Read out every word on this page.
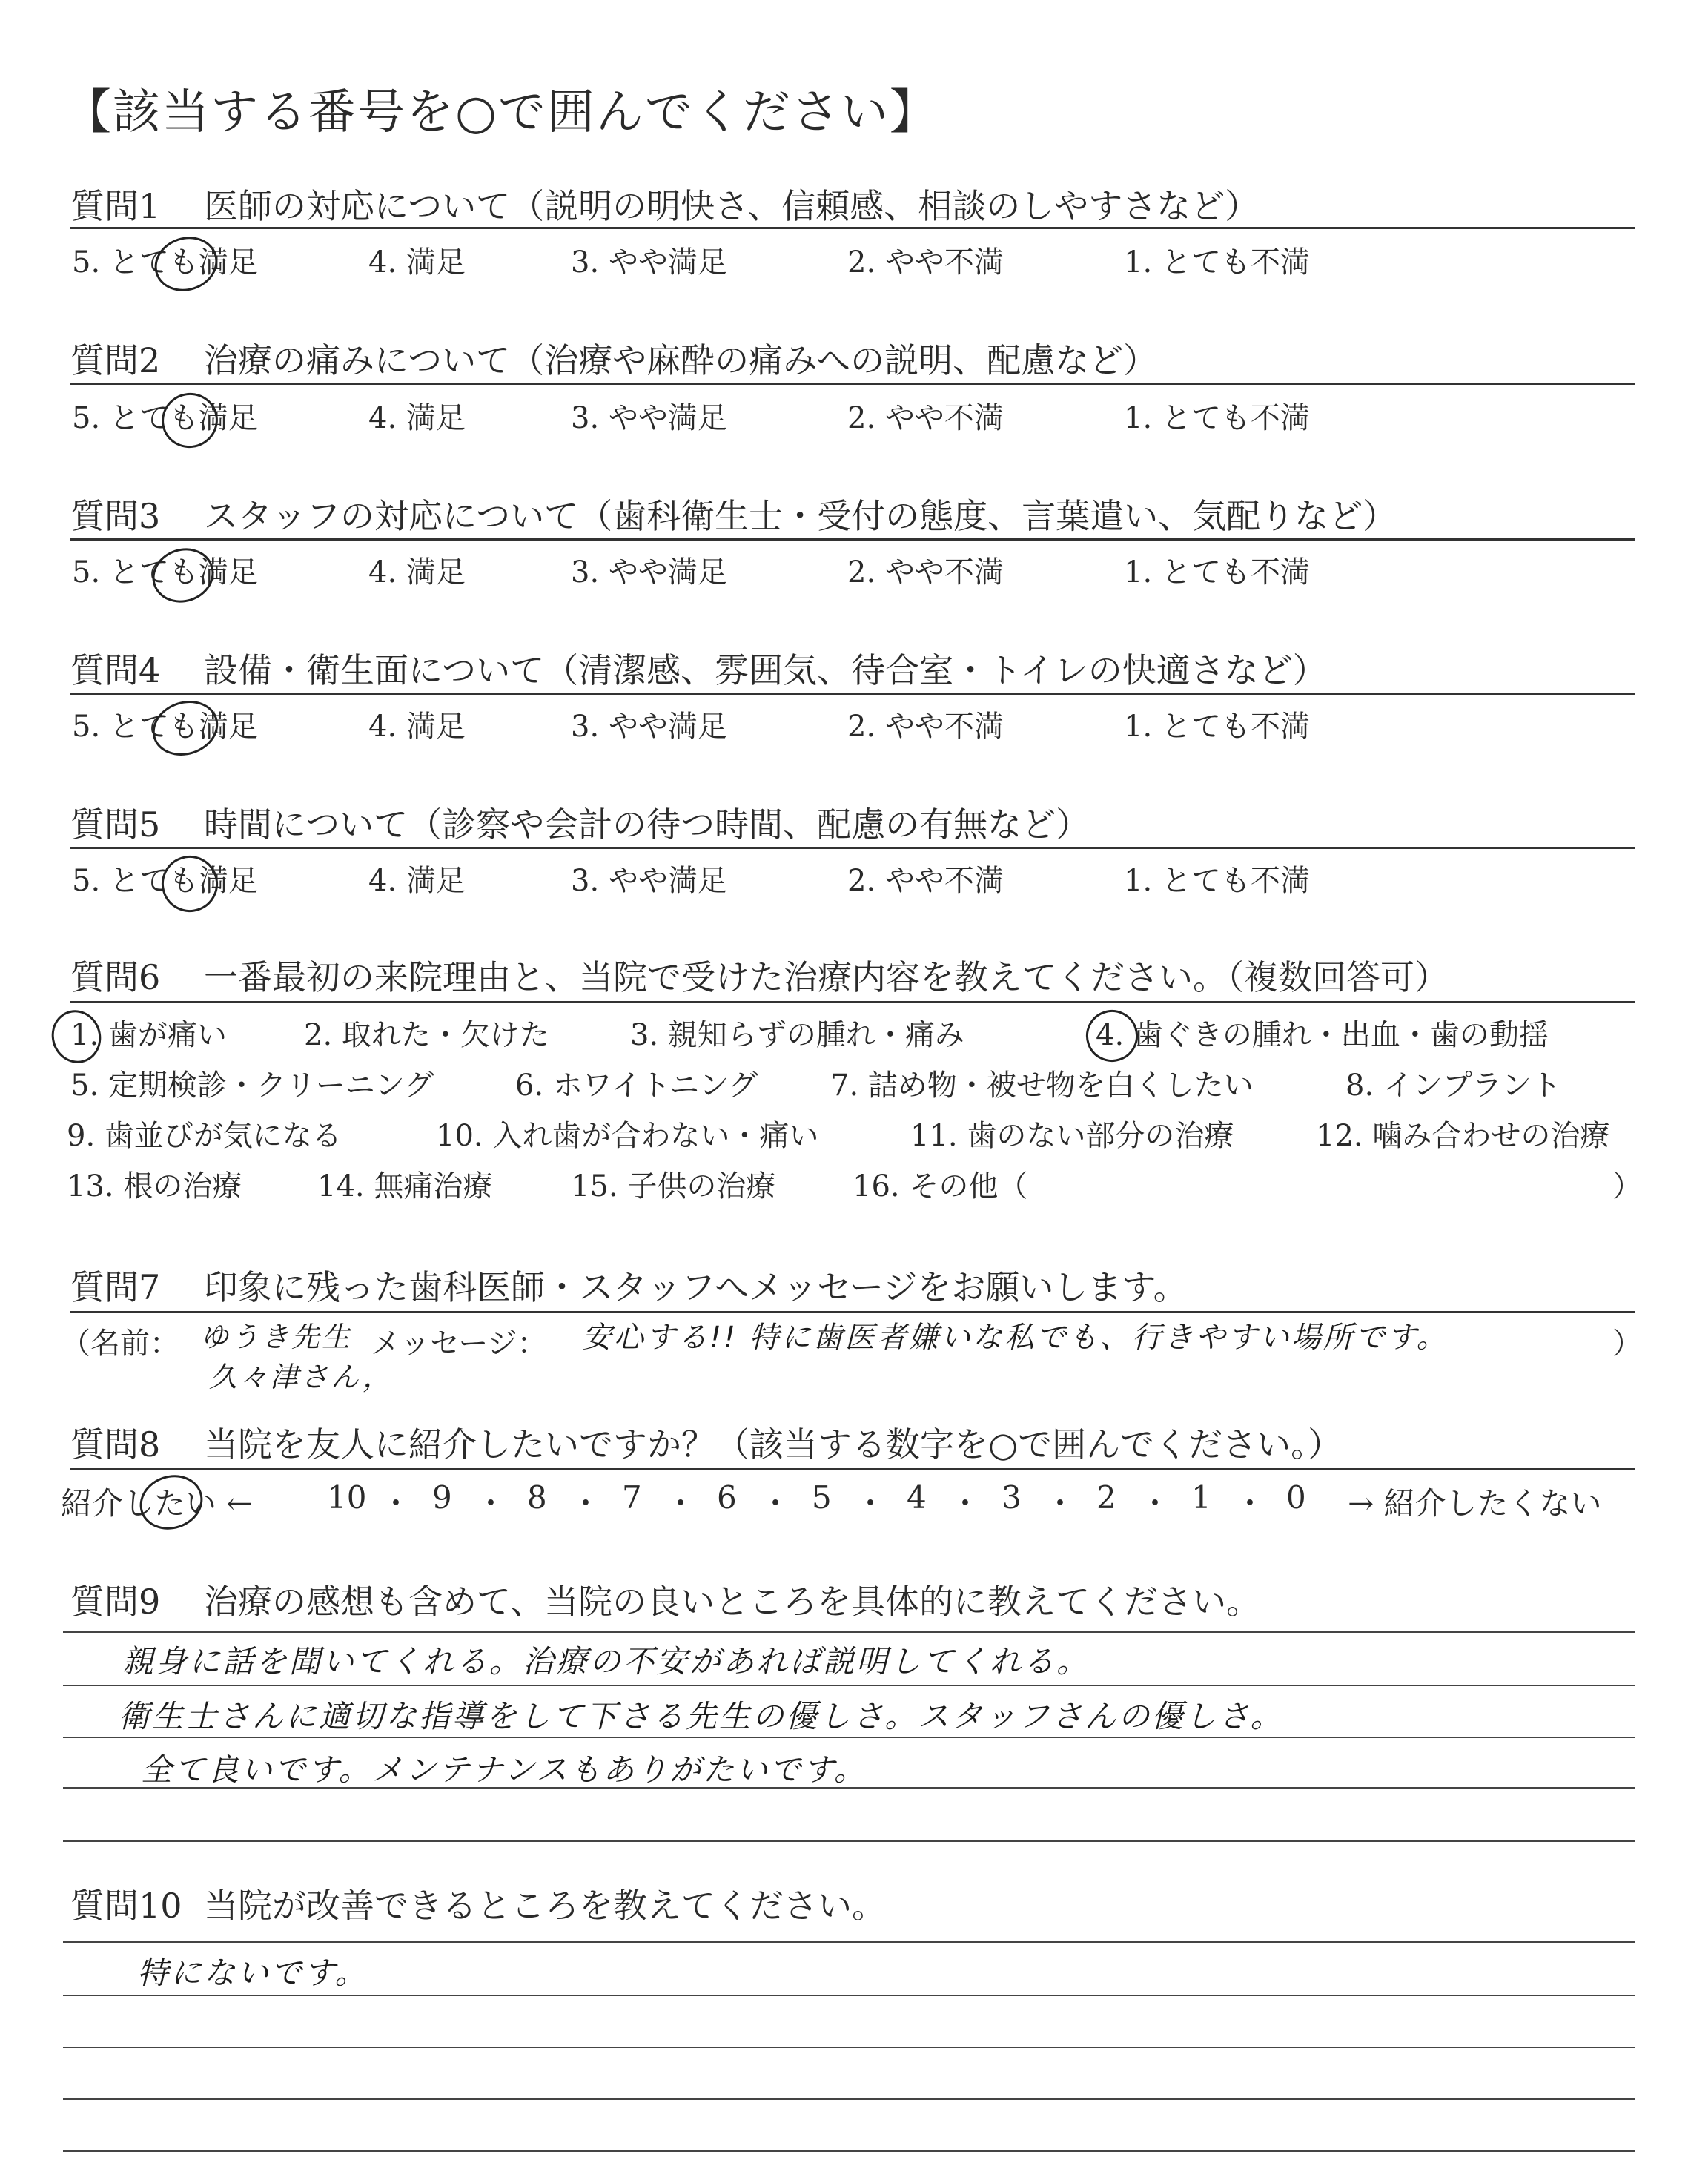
【該当する番号を○で囲んでください】
質問1 医師の対応について（説明の明快さ、信頼感、相談のしやすさなど）
5. とても満足	4. 満足	3. やや満足	2. やや不満	1. とても不満
質問2 治療の痛みについて（治療や麻酔の痛みへの説明、配慮など）
5. とても満足	4. 満足	3. やや満足	2. やや不満	1. とても不満
質問3 スタッフの対応について（歯科衛生士・受付の態度、言葉遣い、気配りなど）
5. とても満足	4. 満足	3. やや満足	2. やや不満	1. とても不満
質問4 設備・衛生面について（清潔感、雰囲気、待合室・トイレの快適さなど）
5. とても満足	4. 満足	3. やや満足	2. やや不満	1. とても不満
質問5 時間について（診察や会計の待つ時間、配慮の有無など）
5. とても満足	4. 満足	3. やや満足	2. やや不満	1. とても不満
質問6 一番最初の来院理由と、当院で受けた治療内容を教えてください。（複数回答可）
1. 歯が痛い	2. 取れた・欠けた	3. 親知らずの腫れ・痛み	4. 歯ぐきの腫れ・出血・歯の動揺
5. 定期検診・クリーニング	6. ホワイトニング 7. 詰め物・被せ物を白くしたい	8. インプラント
9. 歯並びが気になる	10. 入れ歯が合わない・痛い	11. 歯のない部分の治療	12. 噛み合わせの治療
13. 根の治療	14. 無痛治療	15. 子供の治療	16. その他（	）
質問7 印象に残った歯科医師・スタッフへメッセージをお願いします。
（名前： ゆうき先生
久々津さん，
メッセージ： 安心する!! 特に歯医者嫌いな私でも、行きやすい場所です。	）
質問8 当院を友人に紹介したいですか？（該当する数字を○で囲んでください。）
紹介したい ← 10 ・ 9 ・ 8 ・ 7 ・ 6 ・ 5 ・ 4 ・ 3 ・ 2 ・ 1 ・ 0 → 紹介したくない
質問9 治療の感想も含めて、当院の良いところを具体的に教えてください。
親身に話を聞いてくれる。治療の不安があれば説明してくれる。
衛生士さんに適切な指導をして下さる先生の優しさ。スタッフさんの優しさ。
全て良いです。メンテナンスもありがたいです。
質問10 当院が改善できるところを教えてください。
特にないです。
